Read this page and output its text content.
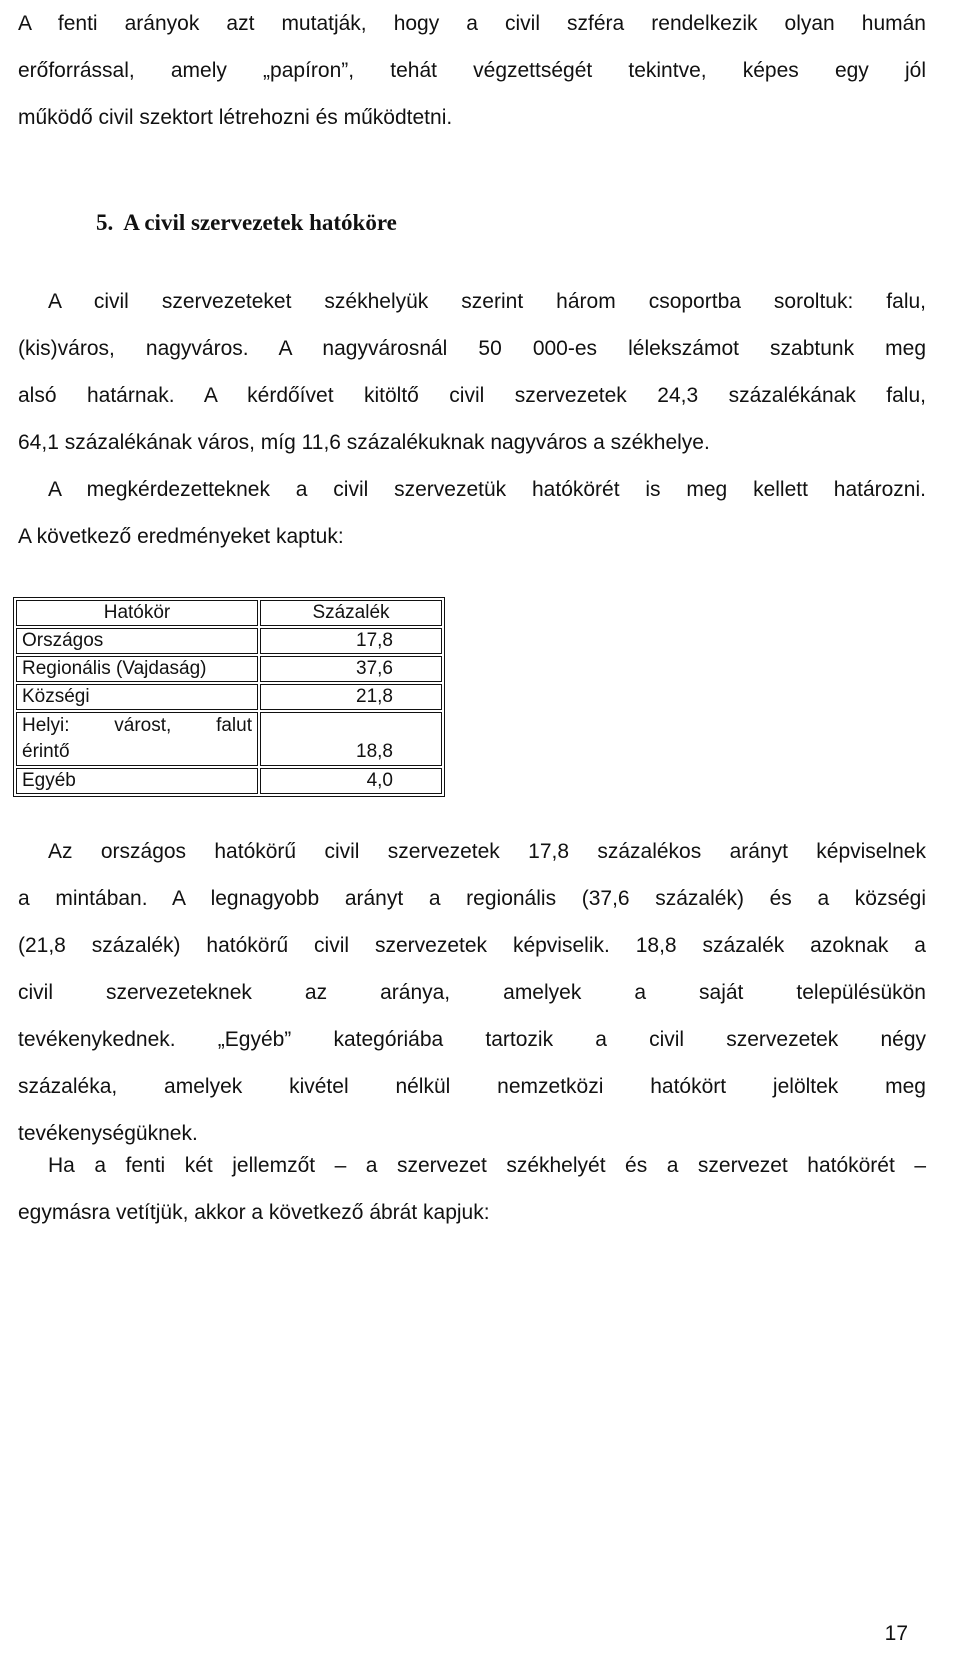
A fenti arányok azt mutatják, hogy a civil szféra rendelkezik olyan humán
erőforrással, amely „papíron”, tehát végzettségét tekintve, képes egy jól
működő civil szektort létrehozni és működtetni.
5. A civil szervezetek hatóköre
A civil szervezeteket székhelyük szerint három csoportba soroltuk: falu,
(kis)város, nagyváros. A nagyvárosnál 50 000-es lélekszámot szabtunk meg
alsó határnak. A kérdőívet kitöltő civil szervezetek 24,3 százalékának falu,
64,1 százalékának város, míg 11,6 százalékuknak nagyváros a székhelye.
A megkérdezetteknek a civil szervezetük hatókörét is meg kellett határozni.
A következő eredményeket kaptuk:
Hatókör	Százalék
Országos	17,8
Regionális (Vajdaság)	37,6
Községi	21,8

Helyi: várost, falut
érintő	18,8
Egyéb	4,0
Az országos hatókörű civil szervezetek 17,8 százalékos arányt képviselnek
a mintában. A legnagyobb arányt a regionális (37,6 százalék) és a községi
(21,8 százalék) hatókörű civil szervezetek képviselik. 18,8 százalék azoknak a
civil szervezeteknek az aránya, amelyek a saját településükön
tevékenykednek. „Egyéb” kategóriába tartozik a civil szervezetek négy
százaléka, amelyek kivétel nélkül nemzetközi hatókört jelöltek meg
tevékenységüknek.
Ha a fenti két jellemzőt – a szervezet székhelyét és a szervezet hatókörét –
egymásra vetítjük, akkor a következő ábrát kapjuk:
17
